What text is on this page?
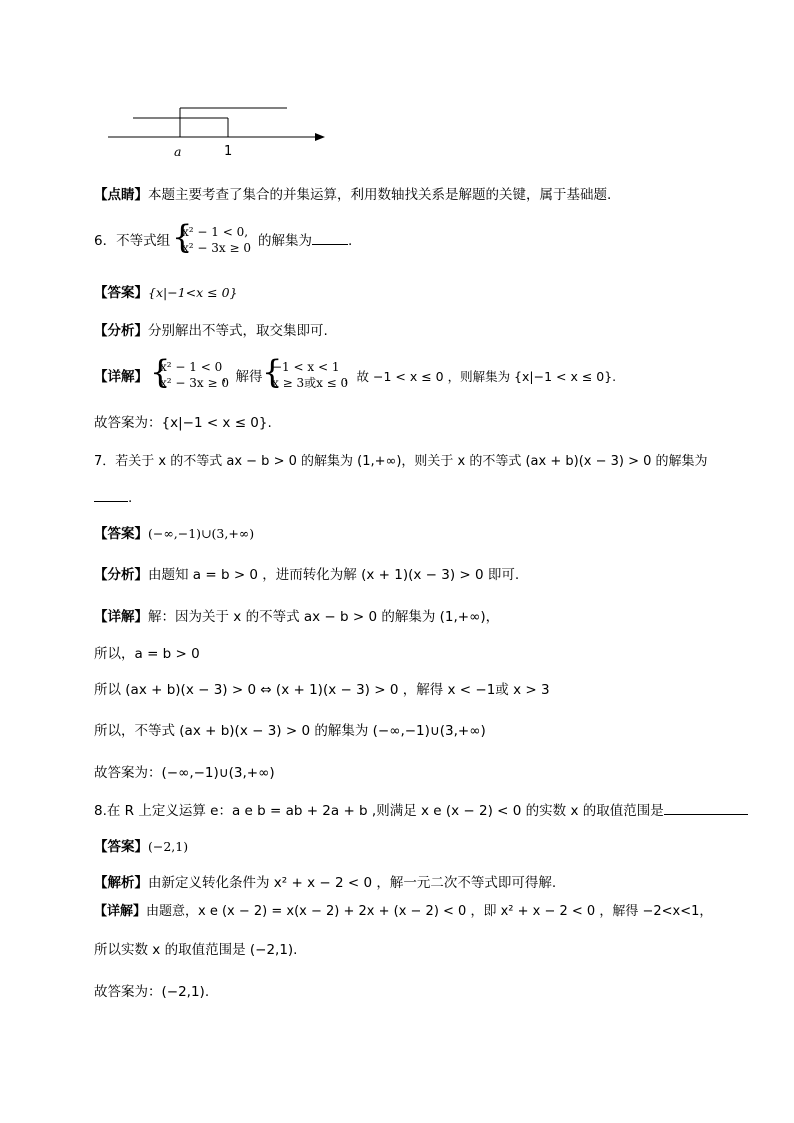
a	1
【点睛】本题主要考查了集合的并集运算，利用数轴找关系是解题的关键，属于基础题.
6．不等式组 {
x² − 1 < 0,
x² − 3x ≥ 0 的解集为	.
【答案】{x|−1<x ≤ 0}
【分析】分别解出不等式，取交集即可.
【详解】 {
x² − 1 < 0
x² − 3x ≥ 0
，解得 {
−1 < x < 1
x ≥ 3或x ≤ 0
，故 −1 < x ≤ 0 ，则解集为 {x|−1 < x ≤ 0}.
故答案为：{x|−1 < x ≤ 0}.
7．若关于 x 的不等式 ax − b > 0 的解集为 (1,+∞)，则关于 x 的不等式 (ax + b)(x − 3) > 0 的解集为
.
【答案】(−∞,−1)∪(3,+∞)
【分析】由题知 a = b > 0 ，进而转化为解 (x + 1)(x − 3) > 0 即可.
【详解】解：因为关于 x 的不等式 ax − b > 0 的解集为 (1,+∞)，
所以，a = b > 0
所以 (ax + b)(x − 3) > 0 ⇔ (x + 1)(x − 3) > 0 ，解得 x < −1或 x > 3
所以，不等式 (ax + b)(x − 3) > 0 的解集为 (−∞,−1)∪(3,+∞)
故答案为：(−∞,−1)∪(3,+∞)
8.在 R 上定义运算 e：a e b = ab + 2a + b ,则满足 x e (x − 2) < 0 的实数 x 的取值范围是
【答案】(−2,1)
【解析】由新定义转化条件为 x² + x − 2 < 0 ，解一元二次不等式即可得解.
【详解】由题意，x e (x − 2) = x(x − 2) + 2x + (x − 2) < 0 ，即 x² + x − 2 < 0 ，解得 −2<x<1，
所以实数 x 的取值范围是 (−2,1).
故答案为：(−2,1).
